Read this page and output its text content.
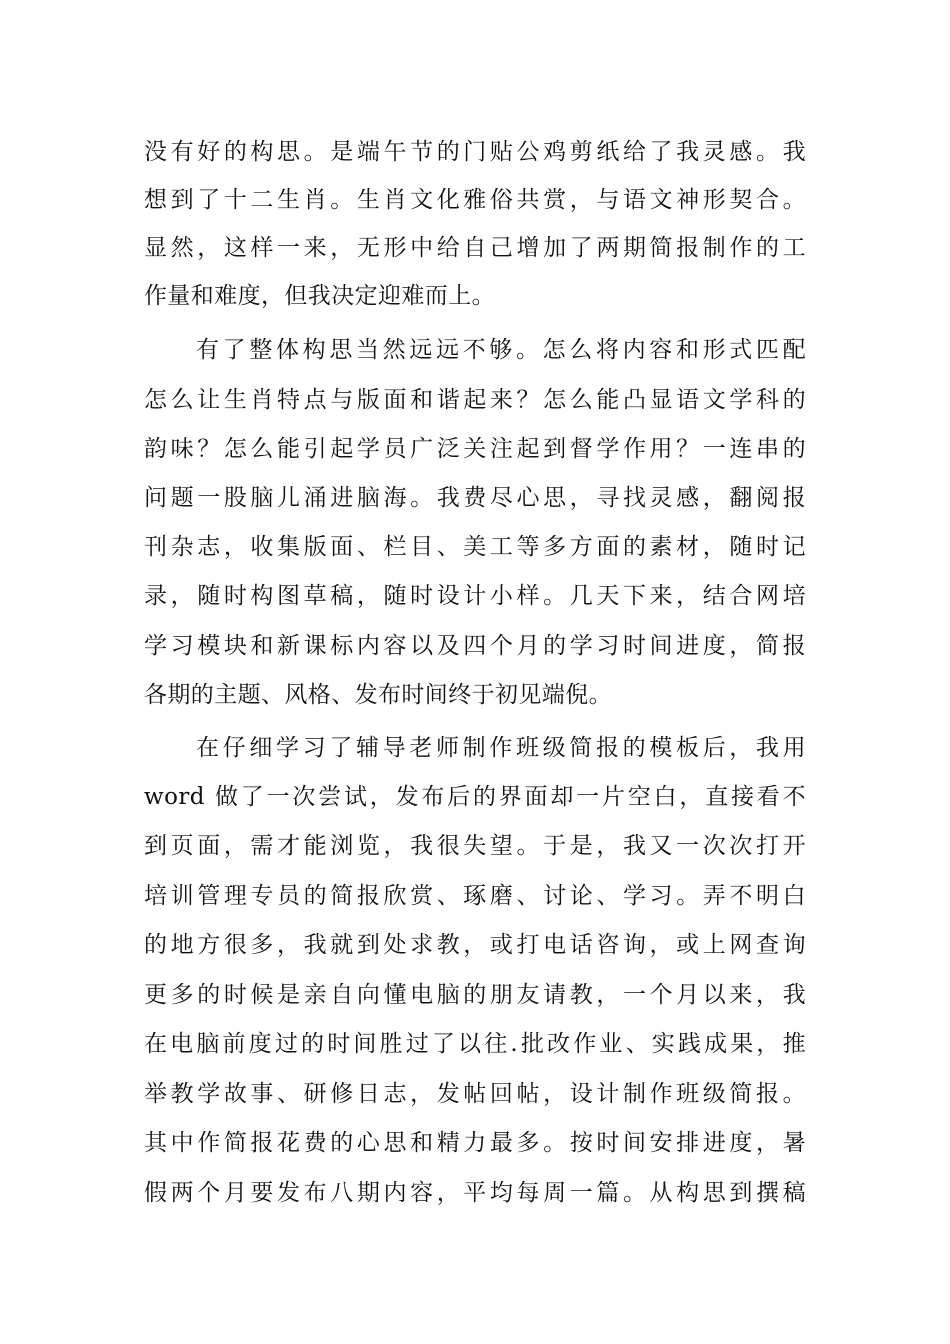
没有好的构思。是端午节的门贴公鸡剪纸给了我灵感。我
想到了十二生肖。生肖文化雅俗共赏，与语文神形契合。
显然，这样一来，无形中给自己增加了两期简报制作的工
作量和难度，但我决定迎难而上。
有了整体构思当然远远不够。怎么将内容和形式匹配
怎么让生肖特点与版面和谐起来？怎么能凸显语文学科的
韵味？怎么能引起学员广泛关注起到督学作用？一连串的
问题一股脑儿涌进脑海。我费尽心思，寻找灵感，翻阅报
刊杂志，收集版面、栏目、美工等多方面的素材，随时记
录，随时构图草稿，随时设计小样。几天下来，结合网培
学习模块和新课标内容以及四个月的学习时间进度，简报
各期的主题、风格、发布时间终于初见端倪。
在仔细学习了辅导老师制作班级简报的模板后，我用
word 做了一次尝试，发布后的界面却一片空白，直接看不
到页面，需才能浏览，我很失望。于是，我又一次次打开
培训管理专员的简报欣赏、琢磨、讨论、学习。弄不明白
的地方很多，我就到处求教，或打电话咨询，或上网查询
更多的时候是亲自向懂电脑的朋友请教，一个月以来，我
在电脑前度过的时间胜过了以往.批改作业、实践成果，推
举教学故事、研修日志，发帖回帖，设计制作班级简报。
其中作简报花费的心思和精力最多。按时间安排进度，暑
假两个月要发布八期内容，平均每周一篇。从构思到撰稿
